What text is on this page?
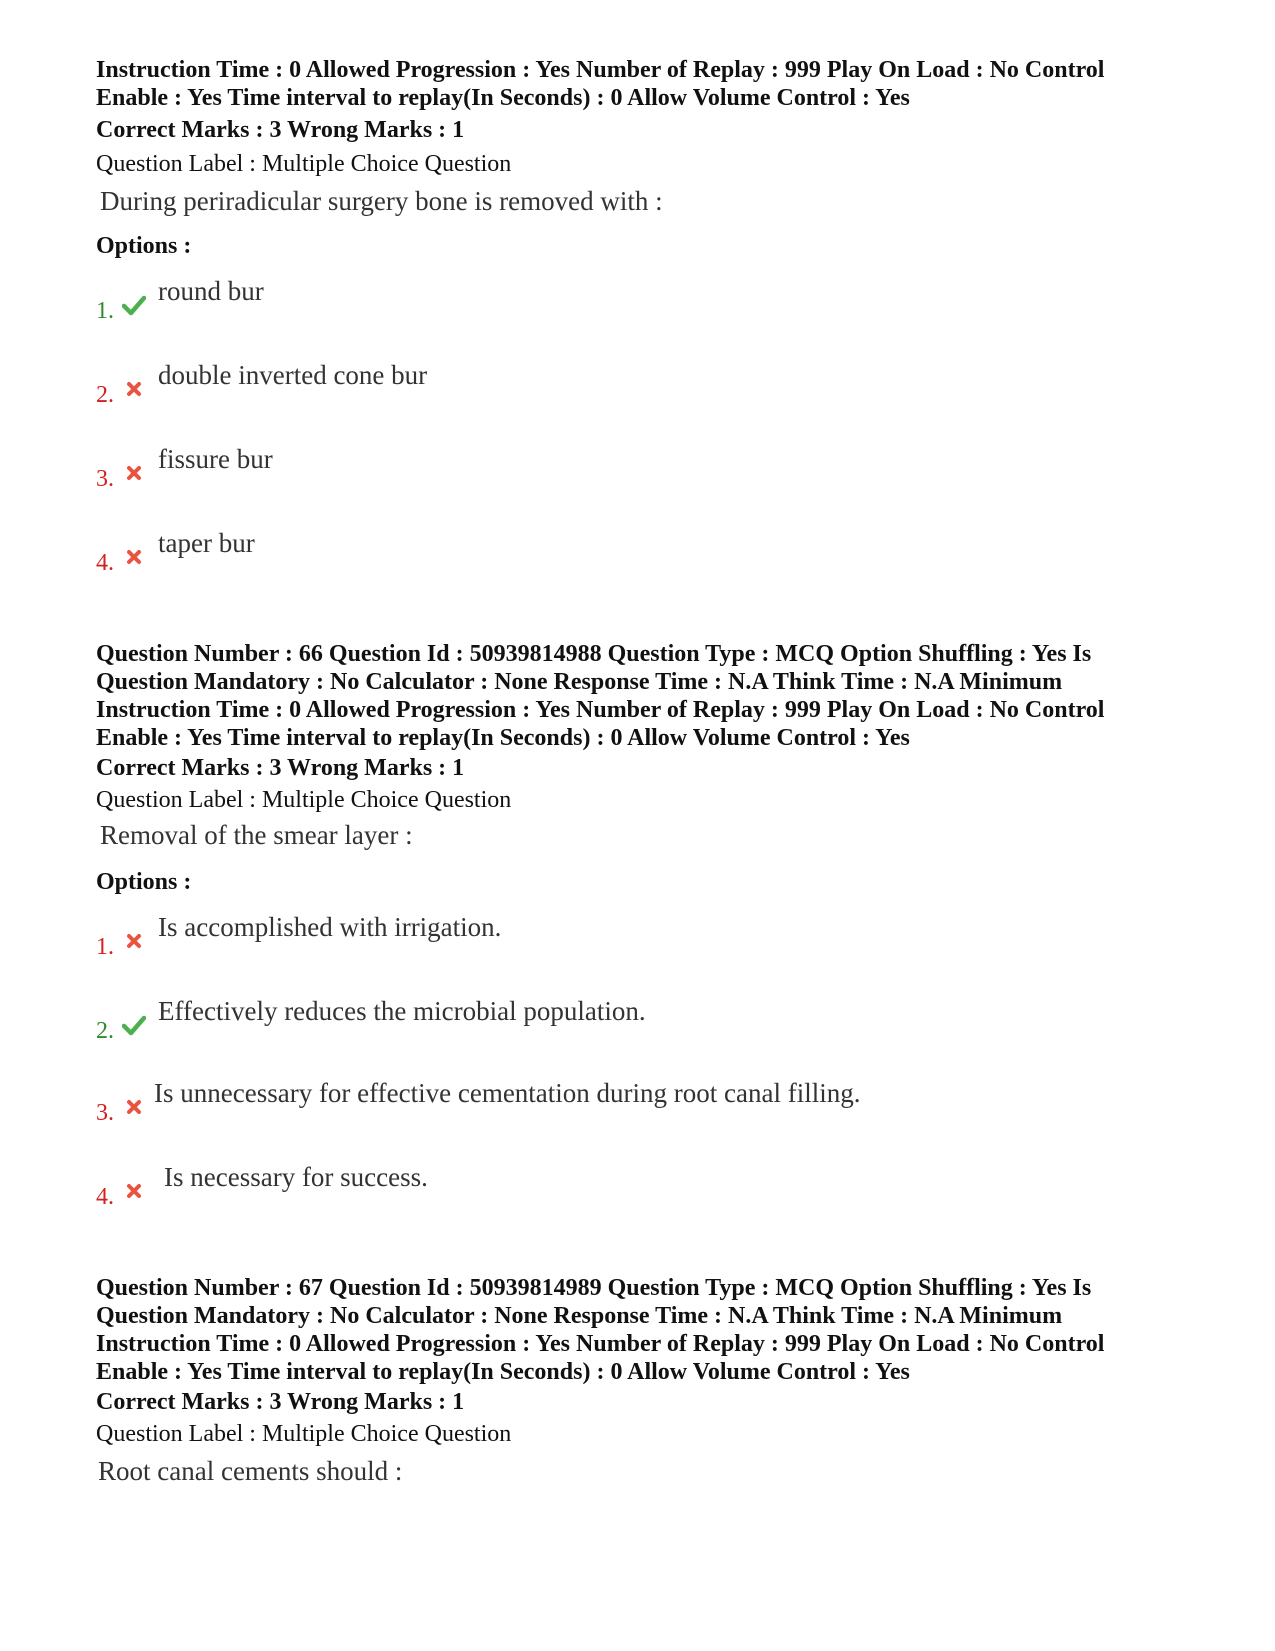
Instruction Time : 0 Allowed Progression : Yes Number of Replay : 999 Play On Load : No Control

Enable : Yes Time interval to replay(In Seconds) : 0 Allow Volume Control : Yes

Correct Marks : 3 Wrong Marks : 1

Question Label : Multiple Choice Question

During periradicular surgery bone is removed with :

Options :

1.
round bur
2.
double inverted cone bur
3.
fissure bur
4.
taper bur

Question Number : 66 Question Id : 50939814988 Question Type : MCQ Option Shuffling : Yes Is

Question Mandatory : No Calculator : None Response Time : N.A Think Time : N.A Minimum

Instruction Time : 0 Allowed Progression : Yes Number of Replay : 999 Play On Load : No Control

Enable : Yes Time interval to replay(In Seconds) : 0 Allow Volume Control : Yes

Correct Marks : 3 Wrong Marks : 1

Question Label : Multiple Choice Question

Removal of the smear layer :

Options :

1.
Is accomplished with irrigation.
2.
Effectively reduces the microbial population.
3.
Is unnecessary for effective cementation during root canal filling.
4.
Is necessary for success.

Question Number : 67 Question Id : 50939814989 Question Type : MCQ Option Shuffling : Yes Is

Question Mandatory : No Calculator : None Response Time : N.A Think Time : N.A Minimum

Instruction Time : 0 Allowed Progression : Yes Number of Replay : 999 Play On Load : No Control

Enable : Yes Time interval to replay(In Seconds) : 0 Allow Volume Control : Yes

Correct Marks : 3 Wrong Marks : 1

Question Label : Multiple Choice Question

Root canal cements should :
